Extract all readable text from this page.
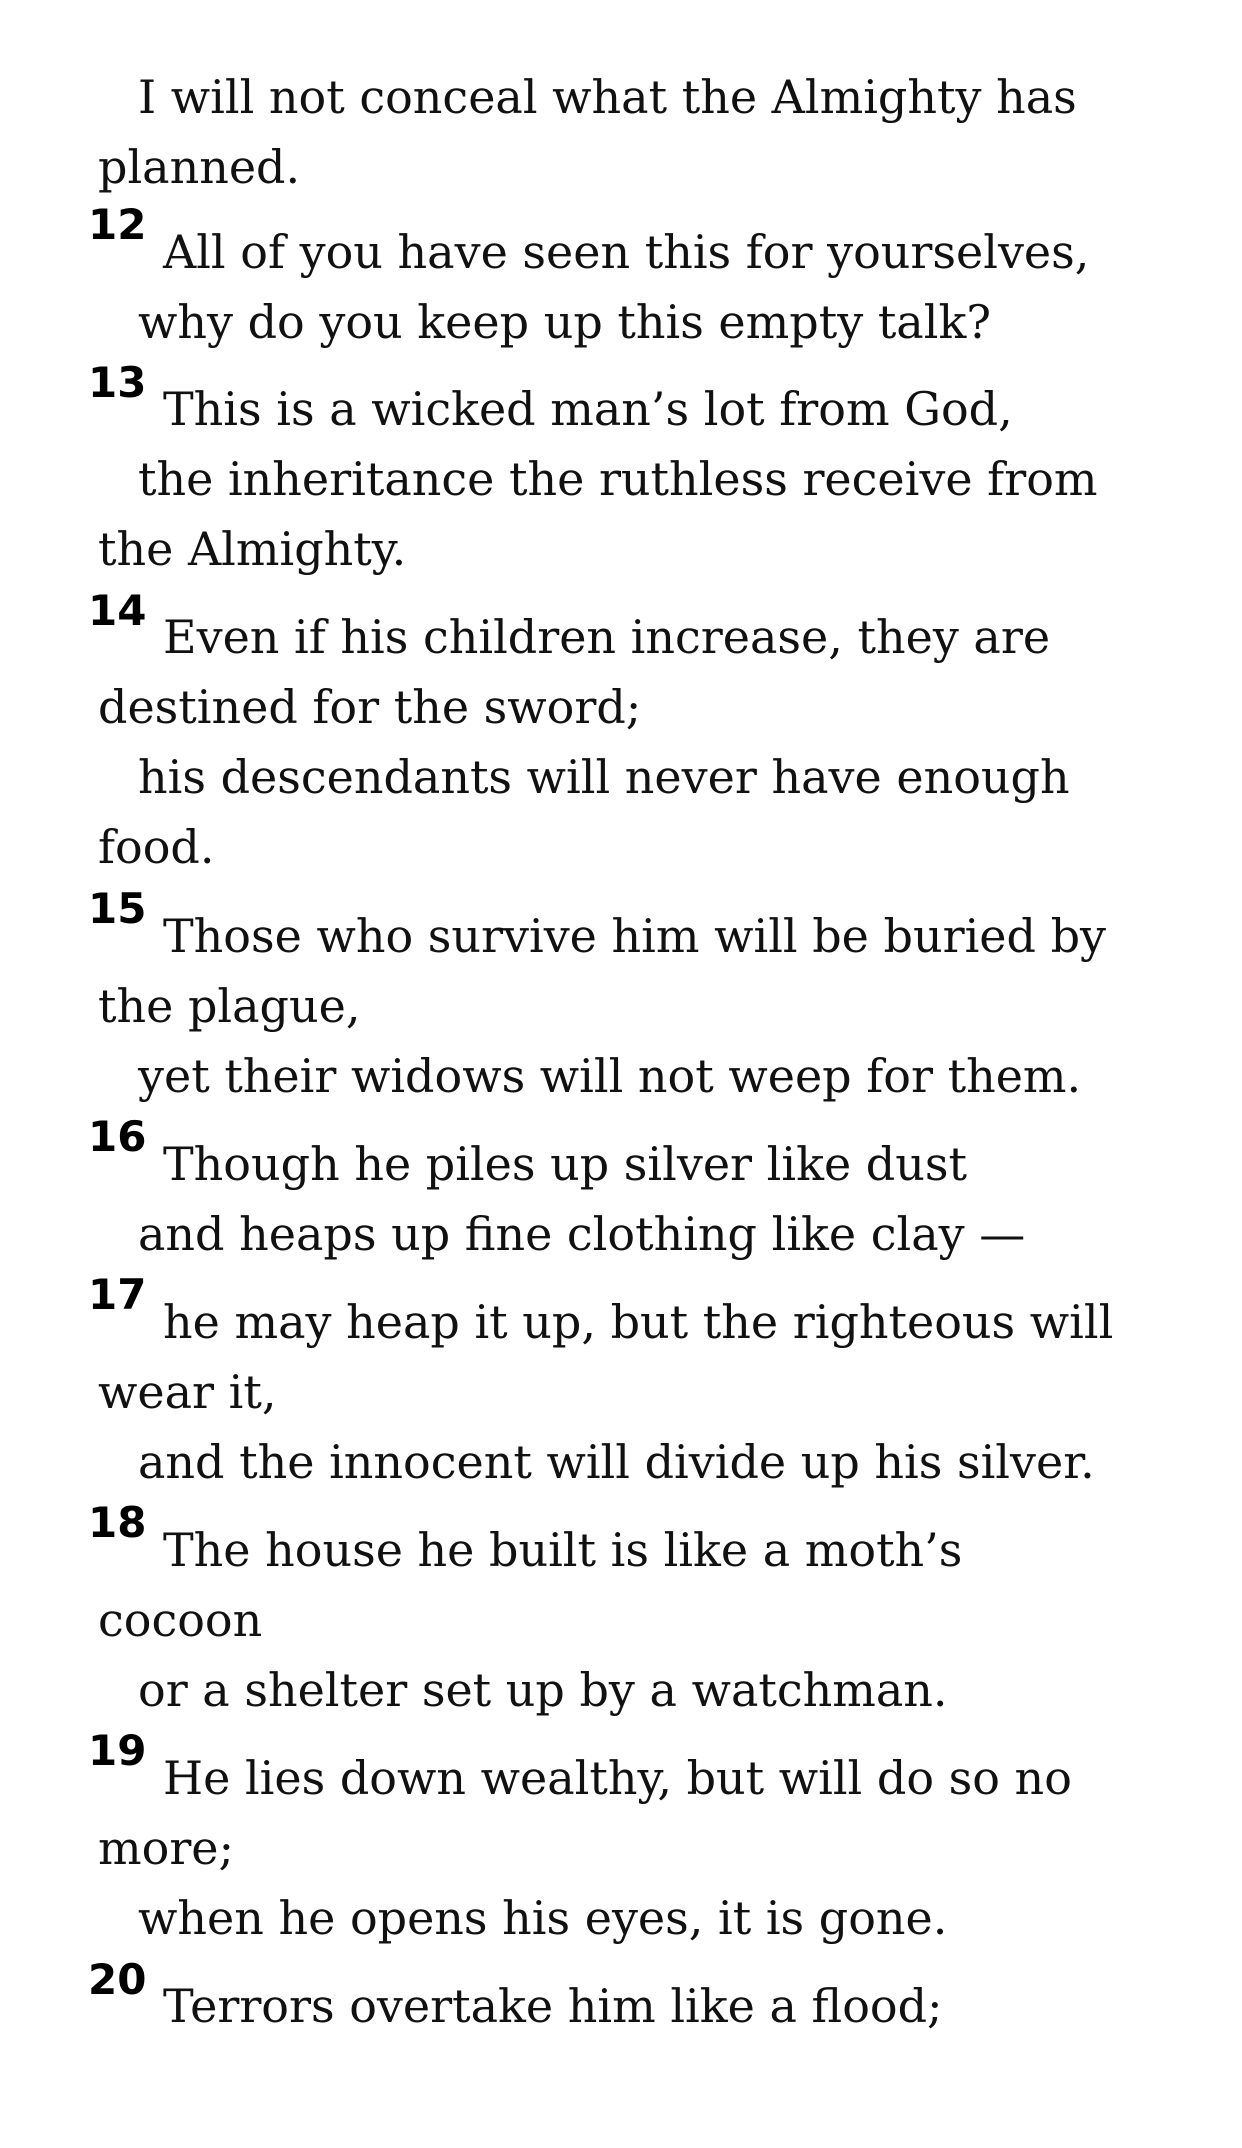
I will not conceal what the Almighty has
planned.
12
All of you have seen this for yourselves,
why do you keep up this empty talk?
13 This is a wicked man’s lot from God,
the inheritance the ruthless receive from
the Almighty.
14 Even if his children increase, they are
destined for the sword;
his descendants will never have enough
food.
15
Those who survive him will be buried by
the plague,
yet their widows will not weep for them.
16
Though he piles up silver like dust
and heaps up fine clothing like clay —
17
he may heap it up, but the righteous will
wear it,
and the innocent will divide up his silver.
18
The house he built is like a moth’s
cocoon
or a shelter set up by a watchman.
19
He lies down wealthy, but will do so no
more;
when he opens his eyes, it is gone.
20 Terrors overtake him like a flood;
